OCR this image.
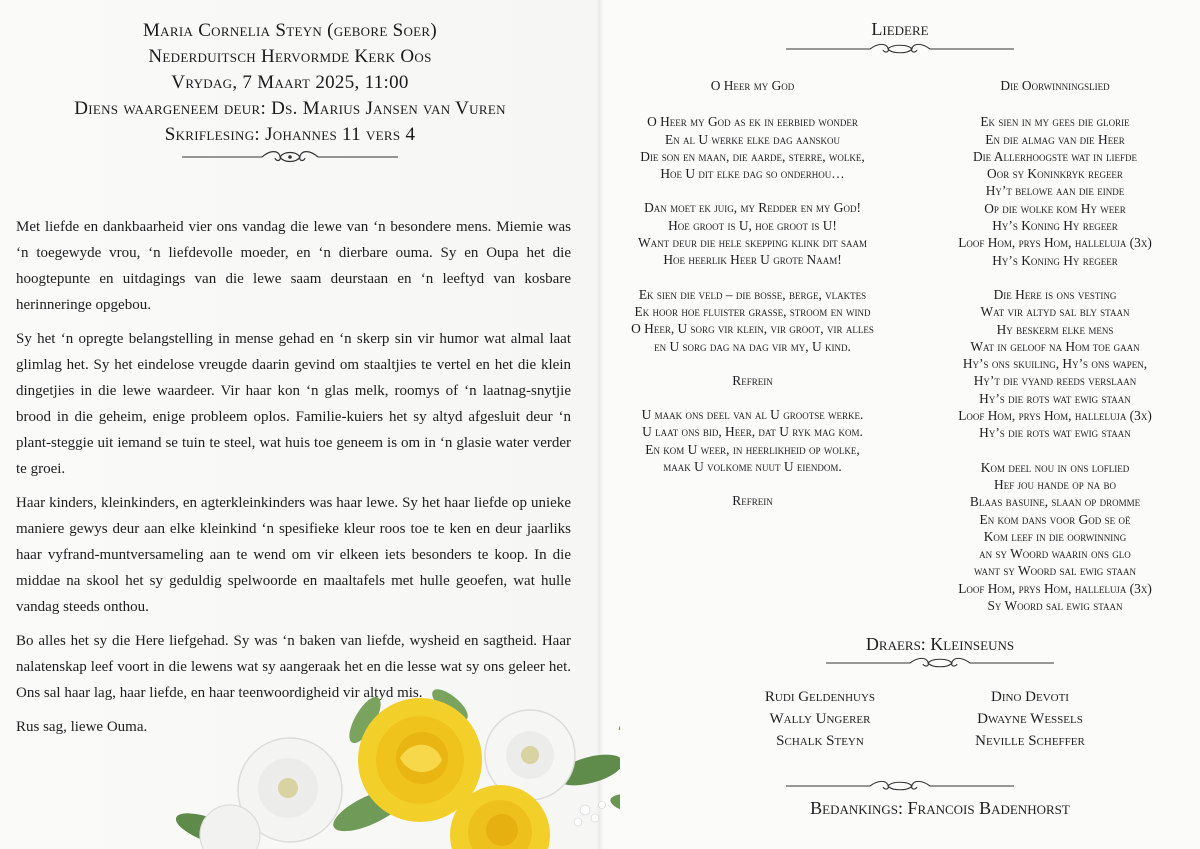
Maria Cornelia Steyn (gebore Soer)
Nederduitsch Hervormde Kerk Oos
Vrydag, 7 Maart 2025, 11:00
Diens waargeneem deur: Ds. Marius Jansen van Vuren
Skriflesing: Johannes 11 vers 4

Met liefde en dankbaarheid vier ons vandag die lewe van ‘n besondere mens. Miemie was ‘n toegewyde vrou, ‘n liefdevolle moeder, en ‘n dierbare ouma. Sy en Oupa het die hoogtepunte en uitdagings van die lewe saam deurstaan en ‘n leeftyd van kosbare herinneringe opgebou.

Sy het ‘n opregte belangstelling in mense gehad en ‘n skerp sin vir humor wat almal laat glimlag het. Sy het eindelose vreugde daarin gevind om staaltjies te vertel en het die klein dingetjies in die lewe waardeer. Vir haar kon ‘n glas melk, roomys of ‘n laatnag-snytjie brood in die geheim, enige probleem oplos. Familie-kuiers het sy altyd afgesluit deur ‘n plant-steggie uit iemand se tuin te steel, wat huis toe geneem is om in ‘n glasie water verder te groei.

Haar kinders, kleinkinders, en agterkleinkinders was haar lewe. Sy het haar liefde op unieke maniere gewys deur aan elke kleinkind ‘n spesifieke kleur roos toe te ken en deur jaarliks haar vyfrand-muntversameling aan te wend om vir elkeen iets besonders te koop. In die middae na skool het sy geduldig spelwoorde en maaltafels met hulle geoefen, wat hulle vandag steeds onthou.

Bo alles het sy die Here liefgehad. Sy was ‘n baken van liefde, wysheid en sagtheid. Haar nalatenskap leef voort in die lewens wat sy aangeraak het en die lesse wat sy ons geleer het. Ons sal haar lag, haar liefde, en haar teenwoordigheid vir altyd mis.

Rus sag, liewe Ouma.

Liedere
O Heer my God
O Heer my God as ek in eerbied wonder
En al U werke elke dag aanskou
Die son en maan, die aarde, sterre, wolke,
Hoe U dit elke dag so onderhou…
Dan moet ek juig, my Redder en my God!
Hoe groot is U, hoe groot is U!
Want deur die hele skepping klink dit saam
Hoe heerlik Heer U grote Naam!
Ek sien die veld – die bosse, berge, vlaktes
Ek hoor hoe fluister grasse, stroom en wind
O Heer, U sorg vir klein, vir groot, vir alles
en U sorg dag na dag vir my, U kind.
Refrein
U maak ons deel van al U grootse werke.
U laat ons bid, Heer, dat U ryk mag kom.
En kom U weer, in heerlikheid op wolke,
maak U volkome nuut U eiendom.
Refrein
Die Oorwinningslied
Ek sien in my gees die glorie
En die almag van die Heer
Die Allerhoogste wat in liefde
Oor sy Koninkryk regeer
Hy’t belowe aan die einde
Op die wolke kom Hy weer
Hy’s Koning Hy regeer
Loof Hom, prys Hom, halleluja (3x)
Hy’s Koning Hy regeer
Die Here is ons vesting
Wat vir altyd sal bly staan
Hy beskerm elke mens
Wat in geloof na Hom toe gaan
Hy’s ons skuiling, Hy’s ons wapen,
Hy’t die vyand reeds verslaan
Hy’s die rots wat ewig staan
Loof Hom, prys Hom, halleluja (3x)
Hy’s die rots wat ewig staan
Kom deel nou in ons loflied
Hef jou hande op na bo
Blaas basuine, slaan op dromme
En kom dans voor God se oë
Kom leef in die oorwinning
an sy Woord waarin ons glo
want sy Woord sal ewig staan
Loof Hom, prys Hom, halleluja (3x)
Sy Woord sal ewig staan
Draers: Kleinseuns
Rudi Geldenhuys
Wally Ungerer
Schalk Steyn
Dino Devoti
Dwayne Wessels
Neville Scheffer
Bedankings: Francois Badenhorst
